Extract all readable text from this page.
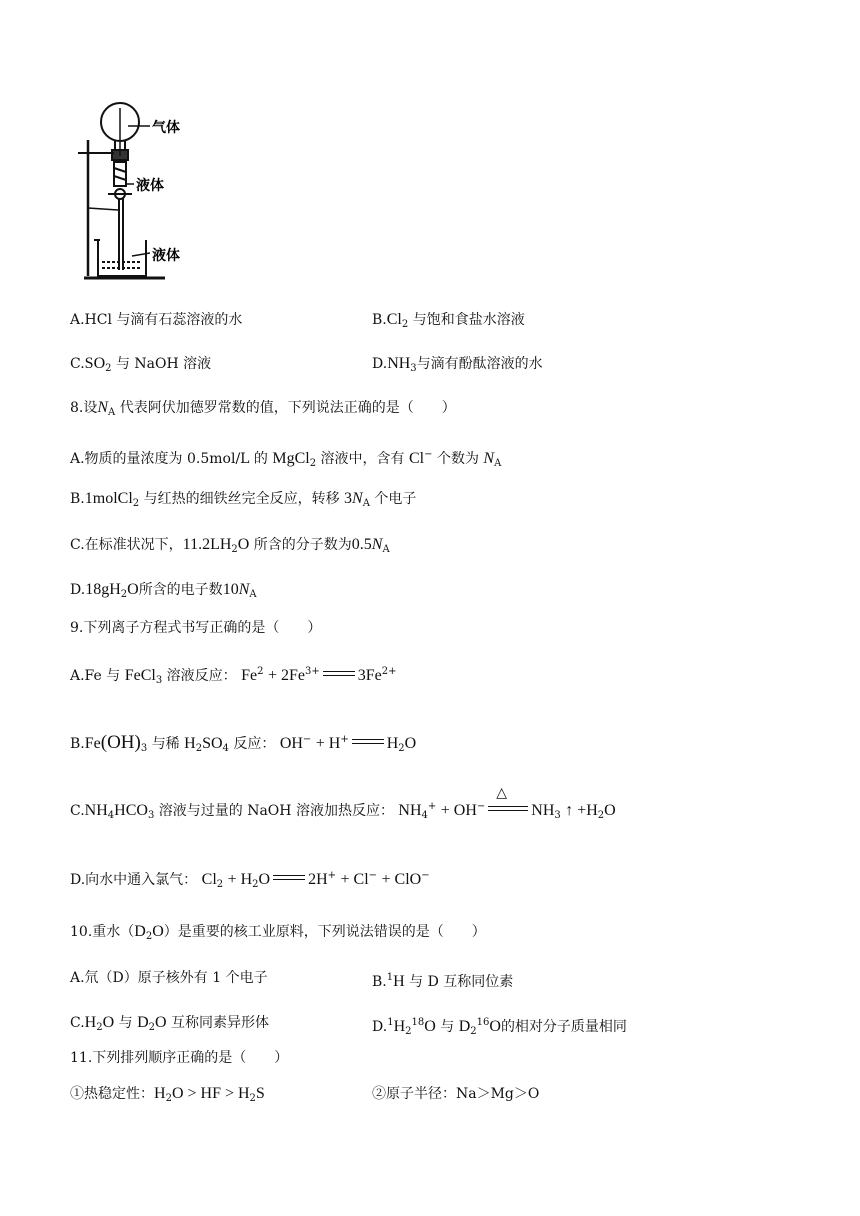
气体
液体
液体
A.HCl 与滴有石蕊溶液的水	$B.Cl_2$ 与饱和食盐水溶液
$C.SO_2$ 与 NaOH 溶液	$D.NH_3$与滴有酚酞溶液的水
8.设$N_A$ 代表阿伏加德罗常数的值，下列说法正确的是（　　）
A.物质的量浓度为 0.5mol/L 的 MgCl$_2$ 溶液中，含有 Cl− 个数为 $N_A$
B.1molCl$_2$ 与红热的细铁丝完全反应，转移 $3N_A$ 个电子
C.在标准状况下，$11.2LH_2O$ 所含的分子数为$0.5N_A$
$D.18gH_2O$所含的电子数$10N_A$
9.下列离子方程式书写正确的是（　　）
A.Fe 与 FeCl$_3$ 溶液反应： $Fe^2 + 2Fe^{3+}$ $3Fe^{2+}$
$B.Fe(OH)_3$ 与稀 $H_2SO_4$ 反应： OH− + H+ $H_2O$
$C.NH_4HCO_3$ 溶液与过量的 NaOH 溶液加热反应： $NH_4^+ + OH^-$
△
$NH_3$ ↑ $+H_2O$
D.向水中通入氯气： $Cl_2 + H_2O$ 2H+ + Cl− + ClO−
10.重水$(D_2O)$是重要的核工业原料，下列说法错误的是（　　）
A.氘（D）原子核外有 1 个电子	B.$^1$H 与 D 互称同位素
$C.H_2O$ 与 $D_2O$ 互称同素异形体	$D.^1H_2^{18}O$ 与 $D_2^{16}O$的相对分子质量相同
11.下列排列顺序正确的是（　　）
①热稳定性：$H_2O$ > HF > $H_2S$	②原子半径：Na＞Mg＞O
